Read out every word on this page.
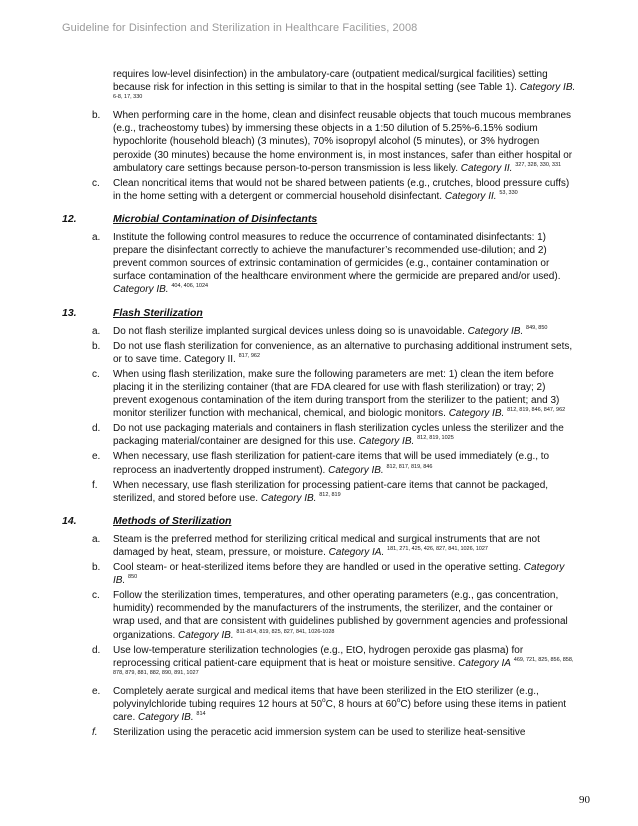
Guideline for Disinfection and Sterilization in Healthcare Facilities, 2008
requires low-level disinfection) in the ambulatory-care (outpatient medical/surgical facilities) setting because risk for infection in this setting is similar to that in the hospital setting (see Table 1). Category IB. $^{6-8, 17, 330}$
b. When performing care in the home, clean and disinfect reusable objects that touch mucous membranes (e.g., tracheostomy tubes) by immersing these objects in a 1:50 dilution of 5.25%-6.15% sodium hypochlorite (household bleach) (3 minutes), 70% isopropyl alcohol (5 minutes), or 3% hydrogen peroxide (30 minutes) because the home environment is, in most instances, safer than either hospital or ambulatory care settings because person-to-person transmission is less likely. Category II. $^{327, 328, 330, 331}$
c. Clean noncritical items that would not be shared between patients (e.g., crutches, blood pressure cuffs) in the home setting with a detergent or commercial household disinfectant. Category II. $^{53, 330}$
12.	Microbial Contamination of Disinfectants
a. Institute the following control measures to reduce the occurrence of contaminated disinfectants: 1) prepare the disinfectant correctly to achieve the manufacturer’s recommended use-dilution; and 2) prevent common sources of extrinsic contamination of germicides (e.g., container contamination or surface contamination of the healthcare environment where the germicide are prepared and/or used). Category IB. $^{404, 406, 1024}$
13.	Flash Sterilization
a. Do not flash sterilize implanted surgical devices unless doing so is unavoidable. Category IB. $^{849, 850}$
b. Do not use flash sterilization for convenience, as an alternative to purchasing additional instrument sets, or to save time. Category II. $^{817, 962}$
c. When using flash sterilization, make sure the following parameters are met: 1) clean the item before placing it in the sterilizing container (that are FDA cleared for use with flash sterilization) or tray; 2) prevent exogenous contamination of the item during transport from the sterilizer to the patient; and 3) monitor sterilizer function with mechanical, chemical, and biologic monitors. Category IB. $^{812, 819, 846, 847, 962}$
d. Do not use packaging materials and containers in flash sterilization cycles unless the sterilizer and the packaging material/container are designed for this use. Category IB. $^{812, 819, 1025}$
e. When necessary, use flash sterilization for patient-care items that will be used immediately (e.g., to reprocess an inadvertently dropped instrument). Category IB. $^{812, 817, 819, 846}$
f. When necessary, use flash sterilization for processing patient-care items that cannot be packaged, sterilized, and stored before use. Category IB. $^{812, 819}$
14.	Methods of Sterilization
a. Steam is the preferred method for sterilizing critical medical and surgical instruments that are not damaged by heat, steam, pressure, or moisture. Category IA. $^{181, 271, 425, 426, 827, 841, 1026, 1027}$
b. Cool steam- or heat-sterilized items before they are handled or used in the operative setting. Category IB. $^{850}$
c. Follow the sterilization times, temperatures, and other operating parameters (e.g., gas concentration, humidity) recommended by the manufacturers of the instruments, the sterilizer, and the container or wrap used, and that are consistent with guidelines published by government agencies and professional organizations. Category IB. $^{811-814, 819, 825, 827, 841, 1026-1028}$
d. Use low-temperature sterilization technologies (e.g., EtO, hydrogen peroxide gas plasma) for reprocessing critical patient-care equipment that is heat or moisture sensitive. Category IA $^{469, 721, 825, 856, 858, 878, 879, 881, 882, 890, 891, 1027}$
e. Completely aerate surgical and medical items that have been sterilized in the EtO sterilizer (e.g., polyvinylchloride tubing requires 12 hours at 50$^o$C, 8 hours at 60$^o$C) before using these items in patient care. Category IB. $^{814}$
f. Sterilization using the peracetic acid immersion system can be used to sterilize heat-sensitive
90
